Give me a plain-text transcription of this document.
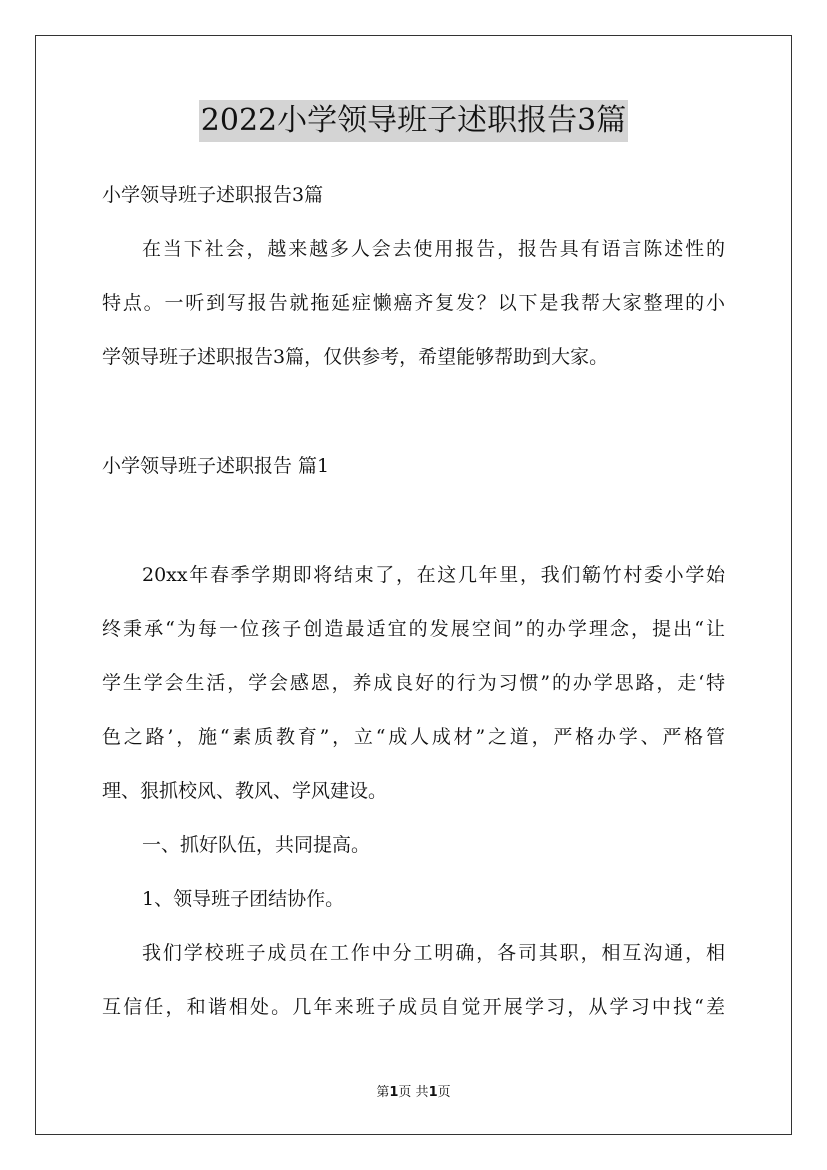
2022小学领导班子述职报告3篇
小学领导班子述职报告3篇
在当下社会，越来越多人会去使用报告，报告具有语言陈述性的
特点。一听到写报告就拖延症懒癌齐复发？以下是我帮大家整理的小
学领导班子述职报告3篇，仅供参考，希望能够帮助到大家。
小学领导班子述职报告 篇1
20xx年春季学期即将结束了，在这几年里，我们簕竹村委小学始
终秉承“为每一位孩子创造最适宜的发展空间”的办学理念，提出“让
学生学会生活，学会感恩，养成良好的行为习惯”的办学思路，走‘特
色之路’，施“素质教育”，立“成人成材”之道，严格办学、严格管
理、狠抓校风、教风、学风建设。
一、抓好队伍，共同提高。
1、领导班子团结协作。
我们学校班子成员在工作中分工明确，各司其职，相互沟通，相
互信任，和谐相处。几年来班子成员自觉开展学习，从学习中找“差
第1页 共1页
